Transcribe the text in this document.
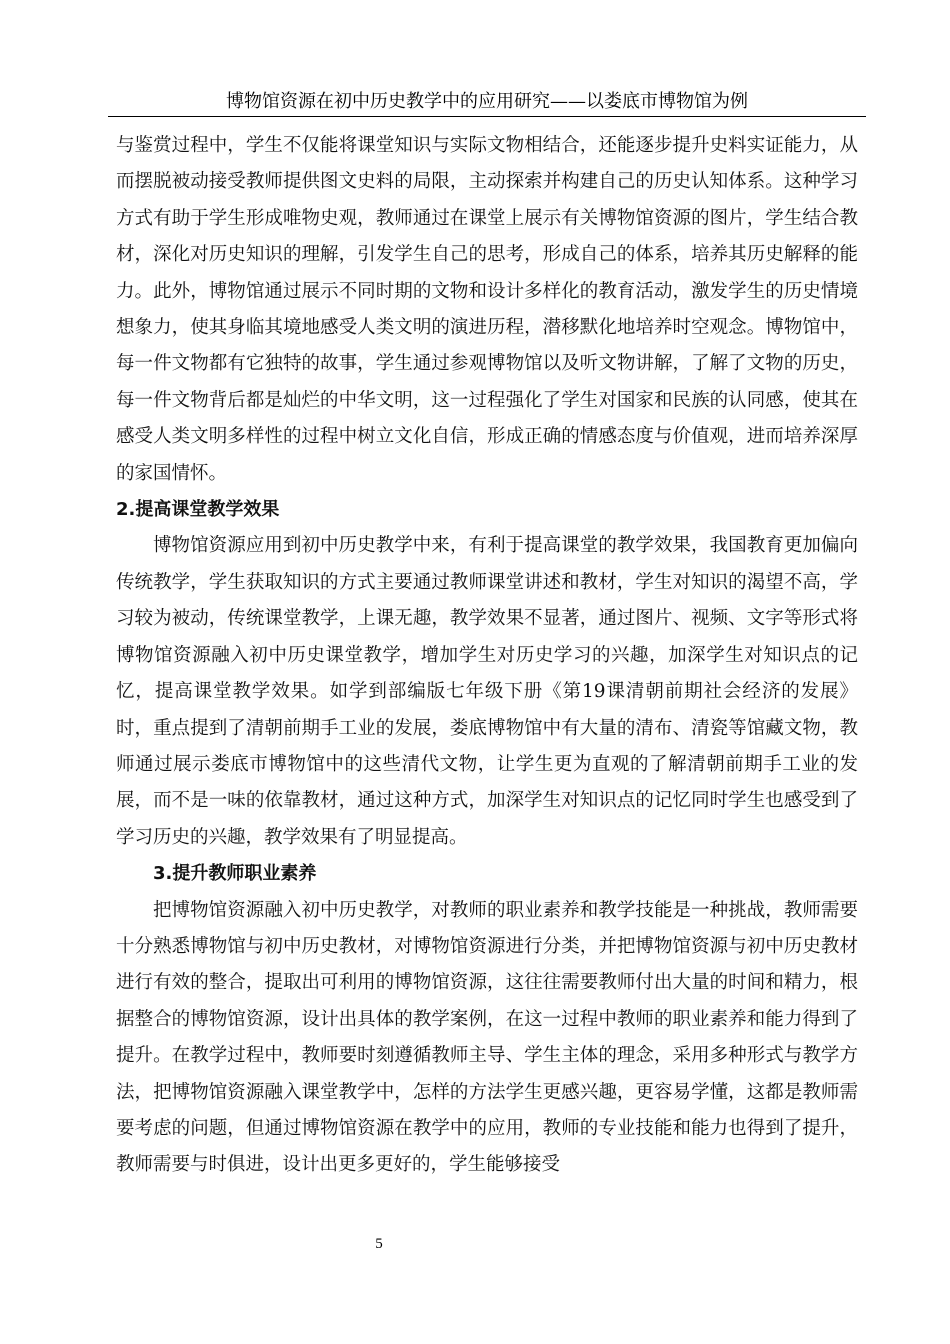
博物馆资源在初中历史教学中的应用研究——以娄底市博物馆为例

与鉴赏过程中，学生不仅能将课堂知识与实际文物相结合，还能逐步提升史料实证能力，从而摆脱被动接受教师提供图文史料的局限，主动探索并构建自己的历史认知体系。这种学习方式有助于学生形成唯物史观，教师通过在课堂上展示有关博物馆资源的图片，学生结合教材，深化对历史知识的理解，引发学生自己的思考，形成自己的体系，培养其历史解释的能力。此外，博物馆通过展示不同时期的文物和设计多样化的教育活动，激发学生的历史情境想象力，使其身临其境地感受人类文明的演进历程，潜移默化地培养时空观念。博物馆中，每一件文物都有它独特的故事，学生通过参观博物馆以及听文物讲解，了解了文物的历史，每一件文物背后都是灿烂的中华文明，这一过程强化了学生对国家和民族的认同感，使其在感受人类文明多样性的过程中树立文化自信，形成正确的情感态度与价值观，进而培养深厚的家国情怀。

2.提高课堂教学效果

博物馆资源应用到初中历史教学中来，有利于提高课堂的教学效果，我国教育更加偏向传统教学，学生获取知识的方式主要通过教师课堂讲述和教材，学生对知识的渴望不高，学习较为被动，传统课堂教学，上课无趣，教学效果不显著，通过图片、视频、文字等形式将博物馆资源融入初中历史课堂教学，增加学生对历史学习的兴趣，加深学生对知识点的记忆，提高课堂教学效果。如学到部编版七年级下册《第19课清朝前期社会经济的发展》时，重点提到了清朝前期手工业的发展，娄底博物馆中有大量的清布、清瓷等馆藏文物，教师通过展示娄底市博物馆中的这些清代文物，让学生更为直观的了解清朝前期手工业的发展，而不是一味的依靠教材，通过这种方式，加深学生对知识点的记忆同时学生也感受到了学习历史的兴趣，教学效果有了明显提高。

3.提升教师职业素养

把博物馆资源融入初中历史教学，对教师的职业素养和教学技能是一种挑战，教师需要十分熟悉博物馆与初中历史教材，对博物馆资源进行分类，并把博物馆资源与初中历史教材进行有效的整合，提取出可利用的博物馆资源，这往往需要教师付出大量的时间和精力，根据整合的博物馆资源，设计出具体的教学案例，在这一过程中教师的职业素养和能力得到了提升。在教学过程中，教师要时刻遵循教师主导、学生主体的理念，采用多种形式与教学方法，把博物馆资源融入课堂教学中，怎样的方法学生更感兴趣，更容易学懂，这都是教师需要考虑的问题，但通过博物馆资源在教学中的应用，教师的专业技能和能力也得到了提升，教师需要与时俱进，设计出更多更好的，学生能够接受

5
